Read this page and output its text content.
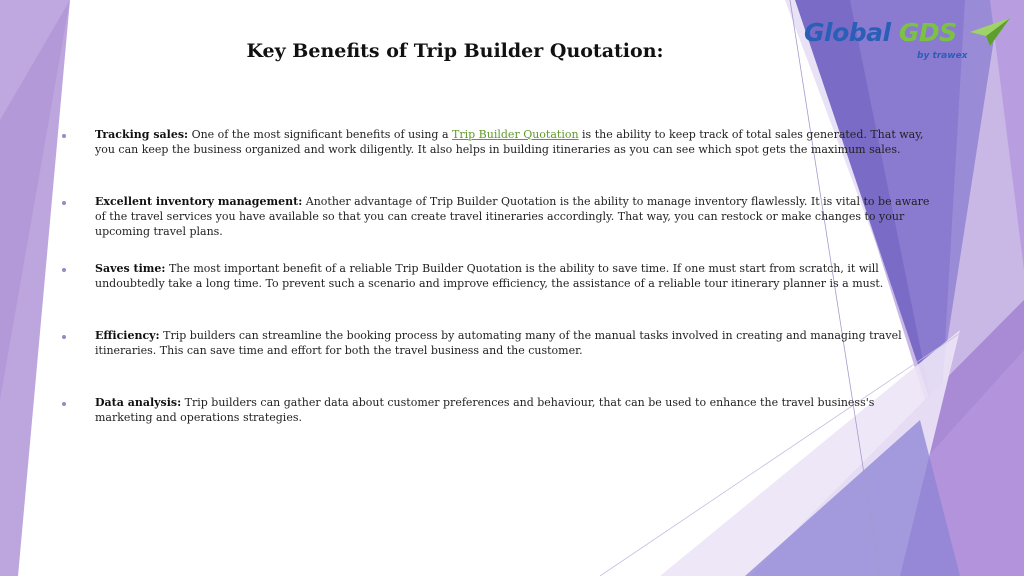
Key Benefits of Trip Builder Quotation:
Global GDS
by trawex
Tracking sales: One of the most significant benefits of using a Trip Builder Quotation is the ability to keep track of total sales generated. That way, you can keep the business organized and work diligently. It also helps in building itineraries as you can see which spot gets the maximum sales.
Excellent inventory management: Another advantage of Trip Builder Quotation is the ability to manage inventory flawlessly. It is vital to be aware of the travel services you have available so that you can create travel itineraries accordingly. That way, you can restock or make changes to your upcoming travel plans.
Saves time: The most important benefit of a reliable Trip Builder Quotation is the ability to save time. If one must start from scratch, it will undoubtedly take a long time. To prevent such a scenario and improve efficiency, the assistance of a reliable tour itinerary planner is a must.
Efficiency: Trip builders can streamline the booking process by automating many of the manual tasks involved in creating and managing travel itineraries. This can save time and effort for both the travel business and the customer.
Data analysis: Trip builders can gather data about customer preferences and behaviour, that can be used to enhance the travel business's marketing and operations strategies.
